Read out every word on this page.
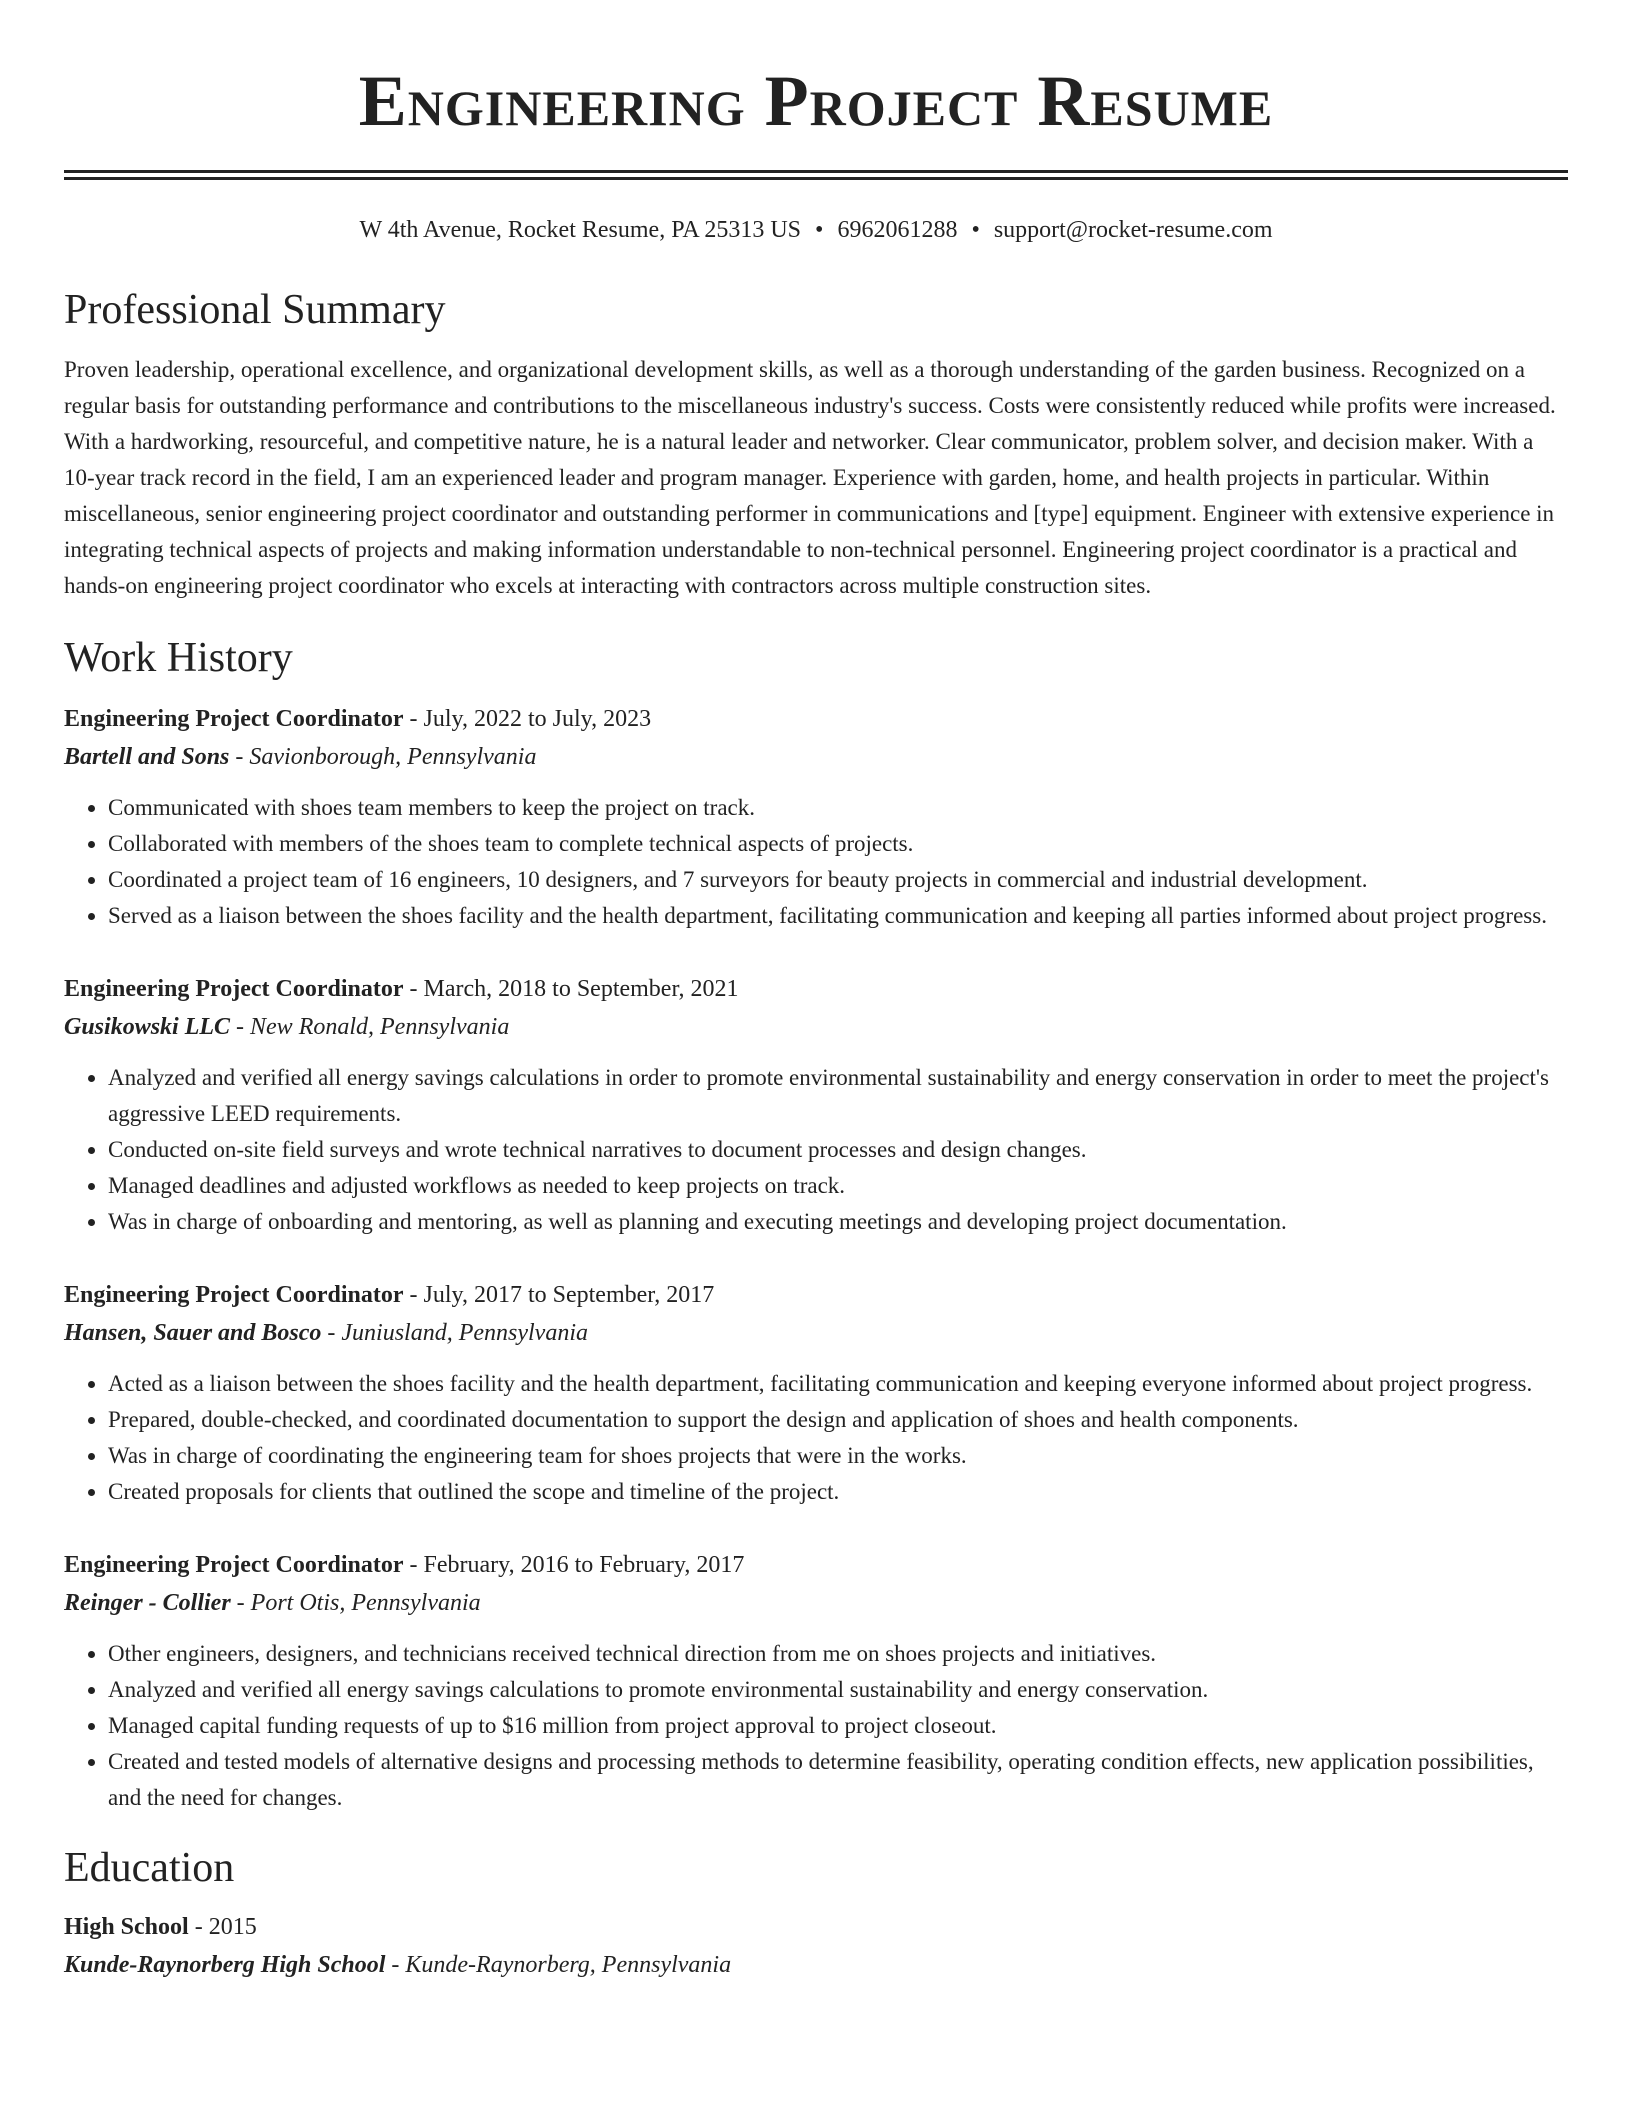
Engineering Project Resume
W 4th Avenue, Rocket Resume, PA 25313 US • 6962061288 • support@rocket-resume.com
Professional Summary

Proven leadership, operational excellence, and organizational development skills, as well as a thorough understanding of the garden business. Recognized on a regular basis for outstanding performance and contributions to the miscellaneous industry's success. Costs were consistently reduced while profits were increased. With a hardworking, resourceful, and competitive nature, he is a natural leader and networker. Clear communicator, problem solver, and decision maker. With a 10-year track record in the field, I am an experienced leader and program manager. Experience with garden, home, and health projects in particular. Within miscellaneous, senior engineering project coordinator and outstanding performer in communications and [type] equipment. Engineer with extensive experience in integrating technical aspects of projects and making information understandable to non-technical personnel. Engineering project coordinator is a practical and hands-on engineering project coordinator who excels at interacting with contractors across multiple construction sites.

Work History
Engineering Project Coordinator - July, 2022 to July, 2023
Bartell and Sons - Savionborough, Pennsylvania
• Communicated with shoes team members to keep the project on track.
• Collaborated with members of the shoes team to complete technical aspects of projects.
• Coordinated a project team of 16 engineers, 10 designers, and 7 surveyors for beauty projects in commercial and industrial development.
• Served as a liaison between the shoes facility and the health department, facilitating communication and keeping all parties informed about project progress.
Engineering Project Coordinator - March, 2018 to September, 2021
Gusikowski LLC - New Ronald, Pennsylvania
• Analyzed and verified all energy savings calculations in order to promote environmental sustainability and energy conservation in order to meet the project's aggressive LEED requirements.
• Conducted on-site field surveys and wrote technical narratives to document processes and design changes.
• Managed deadlines and adjusted workflows as needed to keep projects on track.
• Was in charge of onboarding and mentoring, as well as planning and executing meetings and developing project documentation.
Engineering Project Coordinator - July, 2017 to September, 2017
Hansen, Sauer and Bosco - Juniusland, Pennsylvania
• Acted as a liaison between the shoes facility and the health department, facilitating communication and keeping everyone informed about project progress.
• Prepared, double-checked, and coordinated documentation to support the design and application of shoes and health components.
• Was in charge of coordinating the engineering team for shoes projects that were in the works.
• Created proposals for clients that outlined the scope and timeline of the project.
Engineering Project Coordinator - February, 2016 to February, 2017
Reinger - Collier - Port Otis, Pennsylvania
• Other engineers, designers, and technicians received technical direction from me on shoes projects and initiatives.
• Analyzed and verified all energy savings calculations to promote environmental sustainability and energy conservation.
• Managed capital funding requests of up to $16 million from project approval to project closeout.
• Created and tested models of alternative designs and processing methods to determine feasibility, operating condition effects, new application possibilities, and the need for changes.
Education
High School - 2015
Kunde-Raynorberg High School - Kunde-Raynorberg, Pennsylvania
